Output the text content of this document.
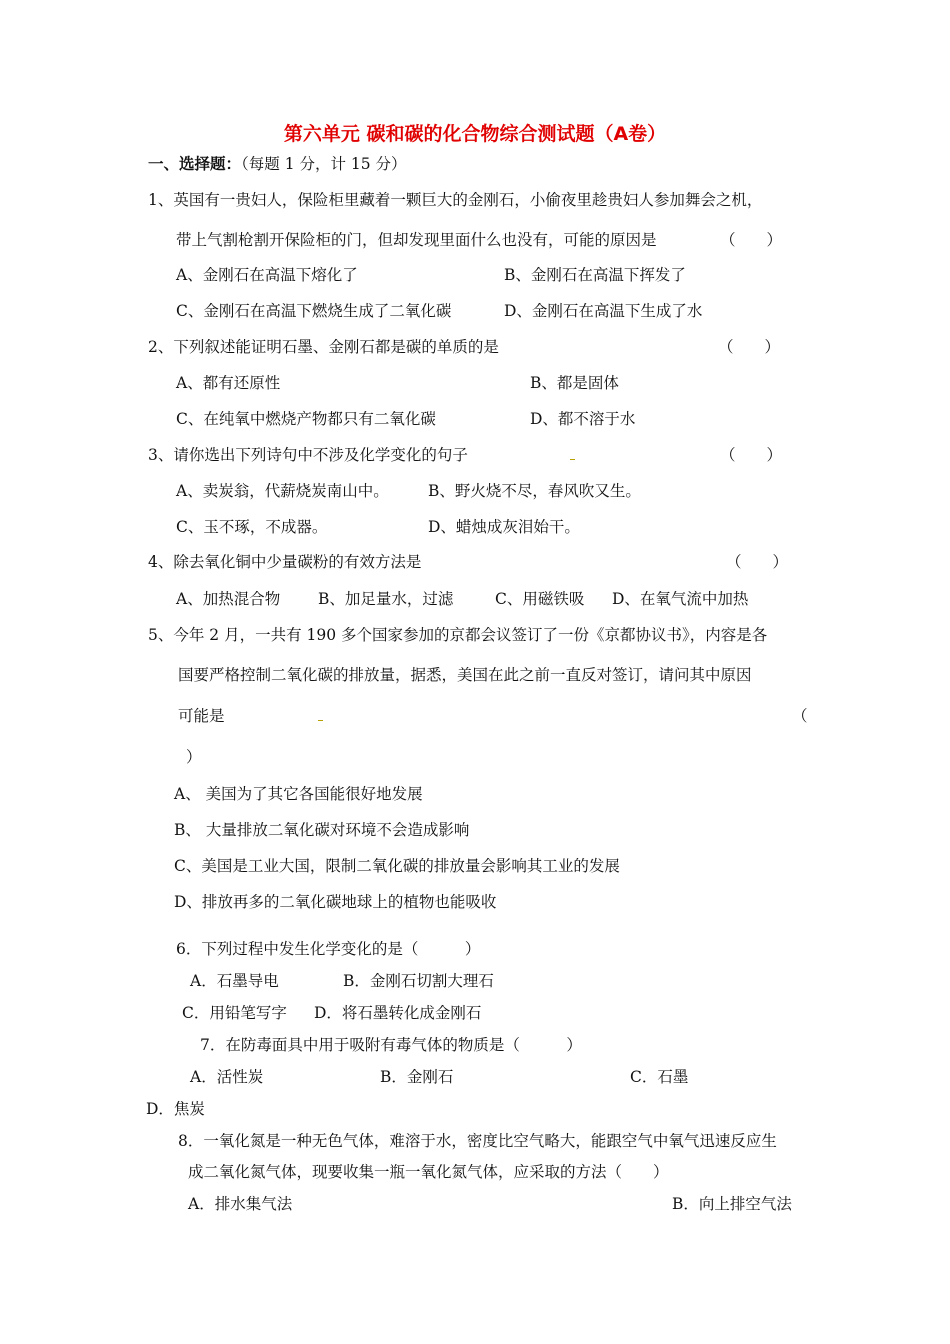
第六单元 碳和碳的化合物综合测试题（A卷）
一、选择题：（每题 1 分，计 15 分）
1、英国有一贵妇人，保险柜里藏着一颗巨大的金刚石，小偷夜里趁贵妇人参加舞会之机，
带上气割枪割开保险柜的门，但却发现里面什么也没有，可能的原因是	（　　）
A、金刚石在高温下熔化了	B、金刚石在高温下挥发了
C、金刚石在高温下燃烧生成了二氧化碳	D、金刚石在高温下生成了水
2、下列叙述能证明石墨、金刚石都是碳的单质的是	（　　）
A、都有还原性	B、都是固体
C、在纯氧中燃烧产物都只有二氧化碳	D、都不溶于水
3、请你选出下列诗句中不涉及化学变化的句子	（　　）
A、卖炭翁，代薪烧炭南山中。	B、野火烧不尽，春风吹又生。
C、玉不琢，不成器。	D、蜡烛成灰泪始干。
4、除去氧化铜中少量碳粉的有效方法是	（　　）
A、加热混合物 B、加足量水，过滤	C、用磁铁吸 D、在氧气流中加热
5、今年 2 月，一共有 190 多个国家参加的京都会议签订了一份《京都协议书》，内容是各
国要严格控制二氧化碳的排放量，据悉，美国在此之前一直反对签订，请问其中原因
可能是	（
）
A、 美国为了其它各国能很好地发展
B、 大量排放二氧化碳对环境不会造成影响
C、美国是工业大国，限制二氧化碳的排放量会影响其工业的发展
D、排放再多的二氧化碳地球上的植物也能吸收
6．下列过程中发生化学变化的是（　　　）
A．石墨导电	B．金刚石切割大理石
C．用铅笔写字 D．将石墨转化成金刚石
7．在防毒面具中用于吸附有毒气体的物质是（　　　）
A．活性炭	B．金刚石	C．石墨
D．焦炭
8．一氧化氮是一种无色气体，难溶于水，密度比空气略大，能跟空气中氧气迅速反应生
成二氧化氮气体，现要收集一瓶一氧化氮气体，应采取的方法（　　）
A．排水集气法	B．向上排空气法
